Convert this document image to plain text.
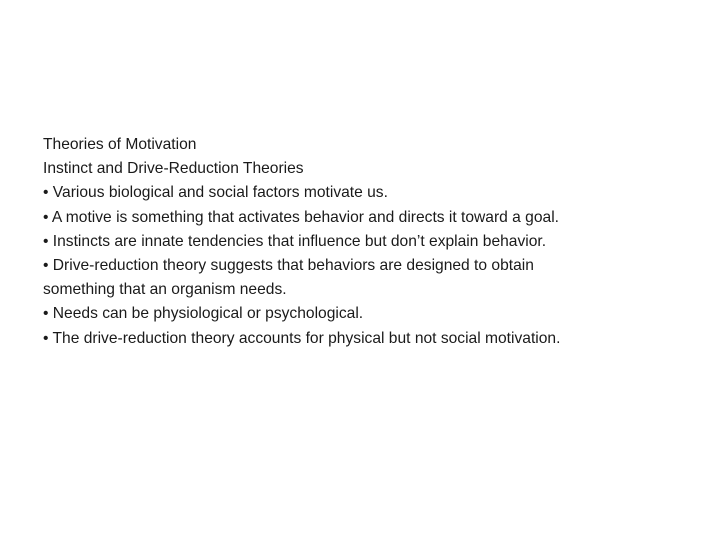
Theories of Motivation
Instinct and Drive-Reduction Theories
• Various biological and social factors motivate us.
• A motive is something that activates behavior and directs it toward a goal.
• Instincts are innate tendencies that influence but don’t explain behavior.
• Drive-reduction theory suggests that behaviors are designed to obtain
something that an organism needs.
• Needs can be physiological or psychological.
• The drive-reduction theory accounts for physical but not social motivation.
